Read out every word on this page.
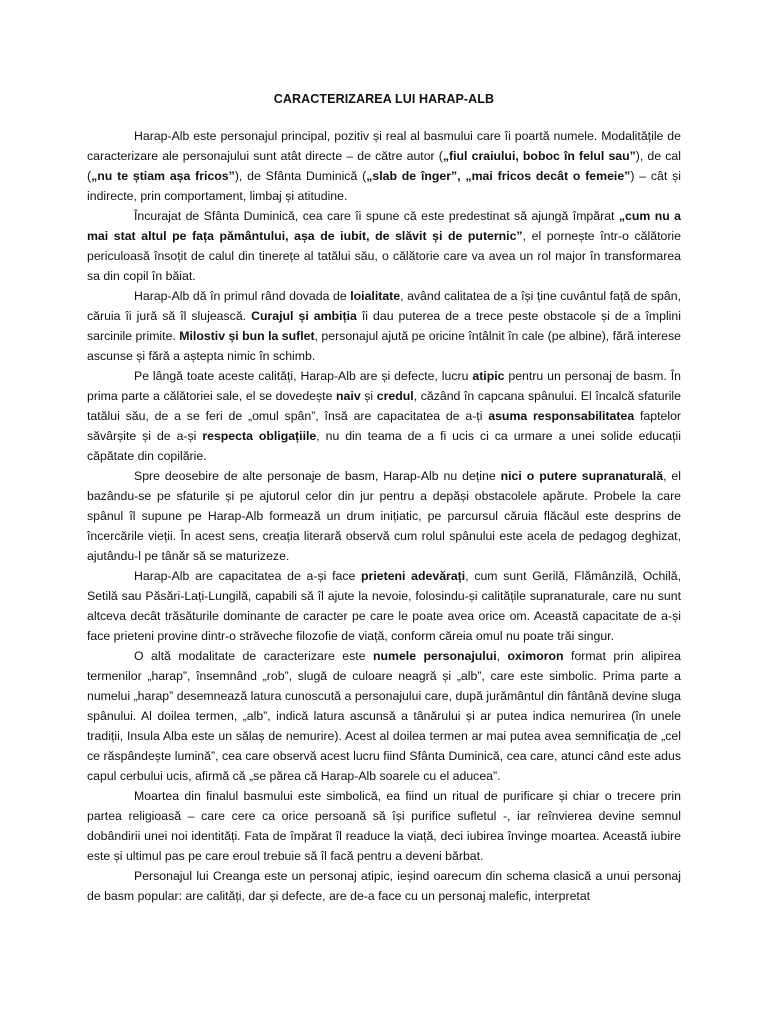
CARACTERIZAREA LUI HARAP-ALB

Harap-Alb este personajul principal, pozitiv și real al basmului care îi poartă numele. Modalitățile de caracterizare ale personajului sunt atât directe – de către autor („fiul craiului, boboc în felul sau”), de cal („nu te știam așa fricos”), de Sfânta Duminică („slab de înger”, „mai fricos decât o femeie”) – cât și indirecte, prin comportament, limbaj și atitudine.

Încurajat de Sfânta Duminică, cea care îi spune că este predestinat să ajungă împărat „cum nu a mai stat altul pe fața pământului, așa de iubit, de slăvit și de puternic”, el pornește într-o călătorie periculoasă însoțit de calul din tinerețe al tatălui său, o călătorie care va avea un rol major în transformarea sa din copil în băiat.

Harap-Alb dă în primul rând dovada de loialitate, având calitatea de a își ține cuvântul față de spân, căruia îi jură să îl slujească. Curajul și ambiția îi dau puterea de a trece peste obstacole și de a împlini sarcinile primite. Milostiv și bun la suflet, personajul ajută pe oricine întâlnit în cale (pe albine), fără interese ascunse și fără a aștepta nimic în schimb.

Pe lângă toate aceste calități, Harap-Alb are și defecte, lucru atipic pentru un personaj de basm. În prima parte a călătoriei sale, el se dovedește naiv și credul, căzând în capcana spânului. El încalcă sfaturile tatălui său, de a se feri de „omul spân”, însă are capacitatea de a-ți asuma responsabilitatea faptelor săvârșite și de a-și respecta obligațiile, nu din teama de a fi ucis ci ca urmare a unei solide educații căpătate din copilărie.

Spre deosebire de alte personaje de basm, Harap-Alb nu deține nici o putere supranaturală, el bazându-se pe sfaturile și pe ajutorul celor din jur pentru a depăși obstacolele apărute. Probele la care spânul îl supune pe Harap-Alb formează un drum inițiatic, pe parcursul căruia flăcăul este desprins de încercările vieții. În acest sens, creația literară observă cum rolul spânului este acela de pedagog deghizat, ajutându-l pe tânăr să se maturizeze.

Harap-Alb are capacitatea de a-și face prieteni adevărați, cum sunt Gerilă, Flămânzilă, Ochilă, Setilă sau Păsări-Lați-Lungilă, capabili să îl ajute la nevoie, folosindu-și calitățile supranaturale, care nu sunt altceva decât trăsăturile dominante de caracter pe care le poate avea orice om. Această capacitate de a-și face prieteni provine dintr-o străveche filozofie de viață, conform căreia omul nu poate trăi singur.

O altă modalitate de caracterizare este numele personajului, oximoron format prin alipirea termenilor „harap”, însemnând „rob”, slugă de culoare neagră și „alb”, care este simbolic. Prima parte a numelui „harap” desemnează latura cunoscută a personajului care, după jurământul din fântână devine sluga spânului. Al doilea termen, „alb”, indică latura ascunsă a tânărului și ar putea indica nemurirea (în unele tradiții, Insula Alba este un sălaș de nemurire). Acest al doilea termen ar mai putea avea semnificația de „cel ce răspândește lumină”, cea care observă acest lucru fiind Sfânta Duminică, cea care, atunci când este adus capul cerbului ucis, afirmă că „se părea că Harap-Alb soarele cu el aducea”.

Moartea din finalul basmului este simbolică, ea fiind un ritual de purificare și chiar o trecere prin partea religioasă – care cere ca orice persoană să își purifice sufletul -, iar reînvierea devine semnul dobândirii unei noi identități. Fata de împărat îl readuce la viață, deci iubirea învinge moartea. Această iubire este și ultimul pas pe care eroul trebuie să îl facă pentru a deveni bărbat.

Personajul lui Creanga este un personaj atipic, ieșind oarecum din schema clasică a unui personaj de basm popular: are calități, dar și defecte, are de-a face cu un personaj malefic, interpretat
